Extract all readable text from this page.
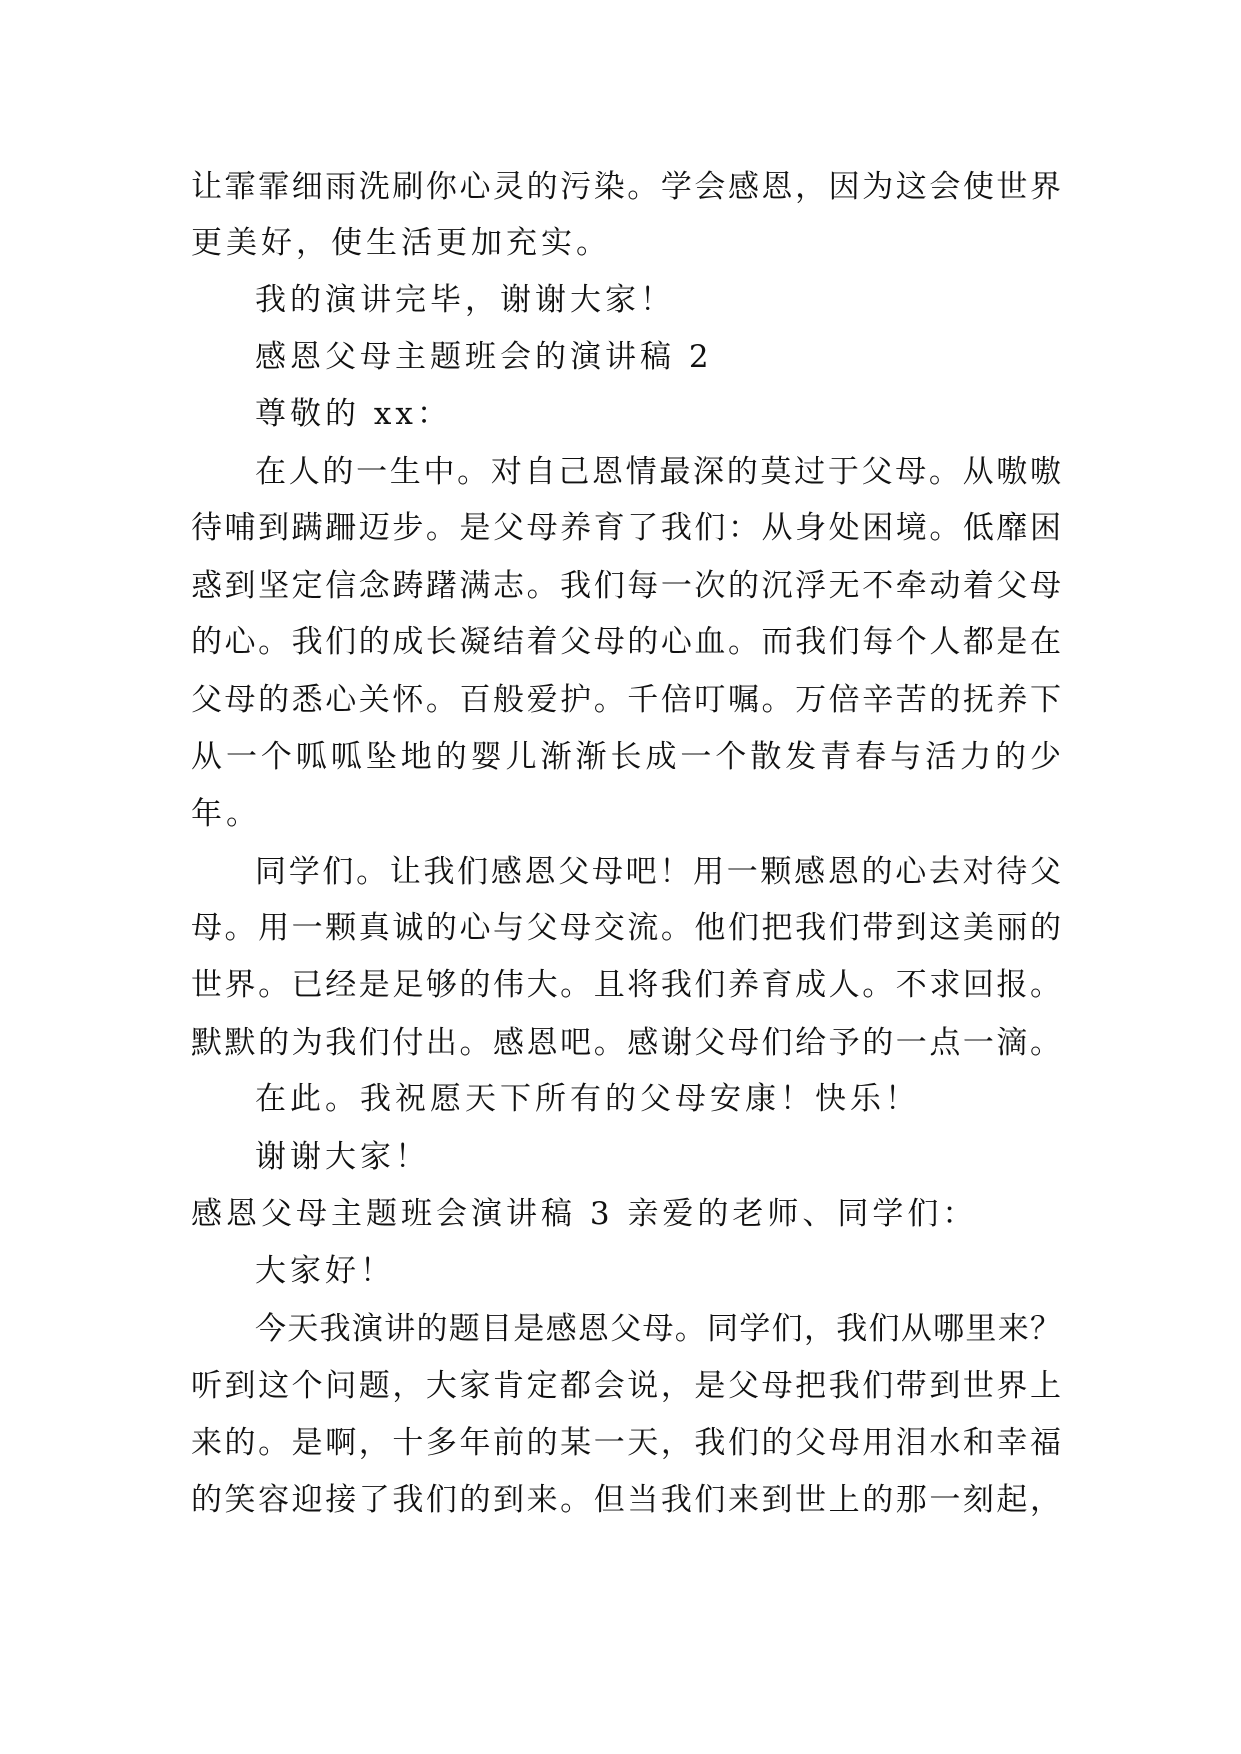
让霏霏细雨洗刷你心灵的污染。学会感恩，因为这会使世界
更美好，使生活更加充实。
我的演讲完毕，谢谢大家！
感恩父母主题班会的演讲稿 2
尊敬的 xx：
在人的一生中。对自己恩情最深的莫过于父母。从嗷嗷
待哺到蹒跚迈步。是父母养育了我们：从身处困境。低靡困
惑到坚定信念踌躇满志。我们每一次的沉浮无不牵动着父母
的心。我们的成长凝结着父母的心血。而我们每个人都是在
父母的悉心关怀。百般爱护。千倍叮嘱。万倍辛苦的抚养下
从一个呱呱坠地的婴儿渐渐长成一个散发青春与活力的少
年。
同学们。让我们感恩父母吧！用一颗感恩的心去对待父
母。用一颗真诚的心与父母交流。他们把我们带到这美丽的
世界。已经是足够的伟大。且将我们养育成人。不求回报。
默默的为我们付出。感恩吧。感谢父母们给予的一点一滴。
在此。我祝愿天下所有的父母安康！快乐！
谢谢大家！
感恩父母主题班会演讲稿 3 亲爱的老师、同学们：
大家好！
今天我演讲的题目是感恩父母。同学们，我们从哪里来？
听到这个问题，大家肯定都会说，是父母把我们带到世界上
来的。是啊，十多年前的某一天，我们的父母用泪水和幸福
的笑容迎接了我们的到来。但当我们来到世上的那一刻起，
